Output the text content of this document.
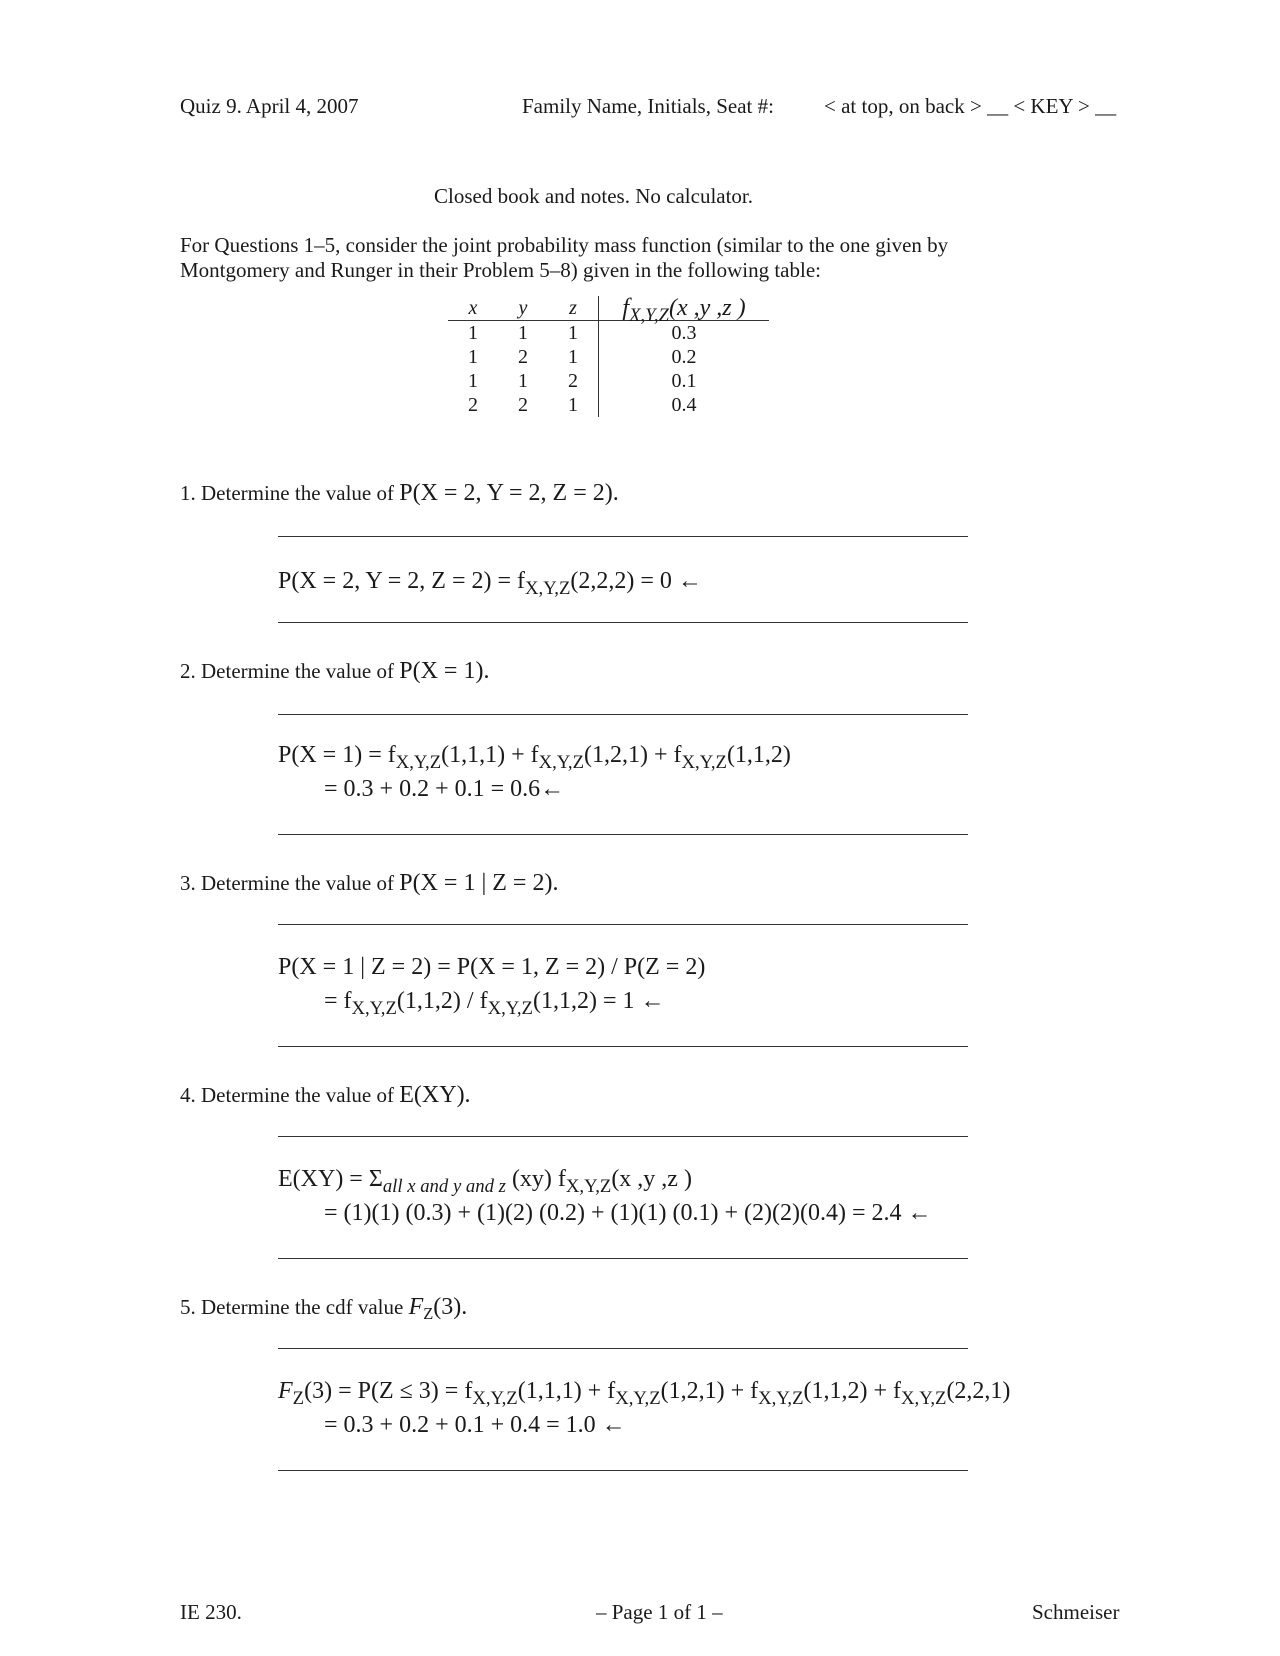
Quiz 9. April 4, 2007	Family Name, Initials, Seat #: < at top, on back > __ < KEY > __
Closed book and notes. No calculator.
For Questions 1–5, consider the joint probability mass function (similar to the one given by
Montgomery and Runger in their Problem 5–8) given in the following table:
x	y	z	$f_{X,Y,Z}(x$ ,y ,z )
1	1	1	0.3
1	2	1	0.2
1	1	2	0.1
2	2	1	0.4
1. Determine the value of P(X = 2, Y = 2, Z = 2).
P(X = 2, Y = 2, $Z = 2) = f_{X,Y,Z}(2,2,2) = 0$ ←
2. Determine the value of P(X = 1).
$P(X = 1) = f_{X,Y,Z}(1,1,1) + f_{X,Y,Z}(1,2,1) + f_{X,Y,Z}(1,1,2)$
= 0.3 + 0.2 + 0.1 = 0.6←
3. Determine the value of P(X = 1 | Z = 2).
P(X = 1 | Z = 2) = P(X = 1, Z = 2) / P(Z = 2)
= $f_{X,Y,Z}(1,1,2) / f_{X,Y,Z}(1,1,2) = 1$ ←
4. Determine the value of E(XY).
$E(XY) = \Sigma_{all x and y and z}$ (xy) $f_{X,Y,Z}(x$ ,y ,z )
= (1)(1) (0.3) + (1)(2) (0.2) + (1)(1) (0.1) + (2)(2)(0.4) = 2.4 ←
5. Determine the cdf value $F_Z(3)$.
$F_Z(3) = P(Z \le 3) = f_{X,Y,Z}(1,1,1) + f_{X,Y,Z}(1,2,1) + f_{X,Y,Z}(1,1,2) + f_{X,Y,Z}(2,2,1)$
= 0.3 + 0.2 + 0.1 + 0.4 = 1.0 ←
IE 230.	– Page 1 of 1 –	Schmeiser
